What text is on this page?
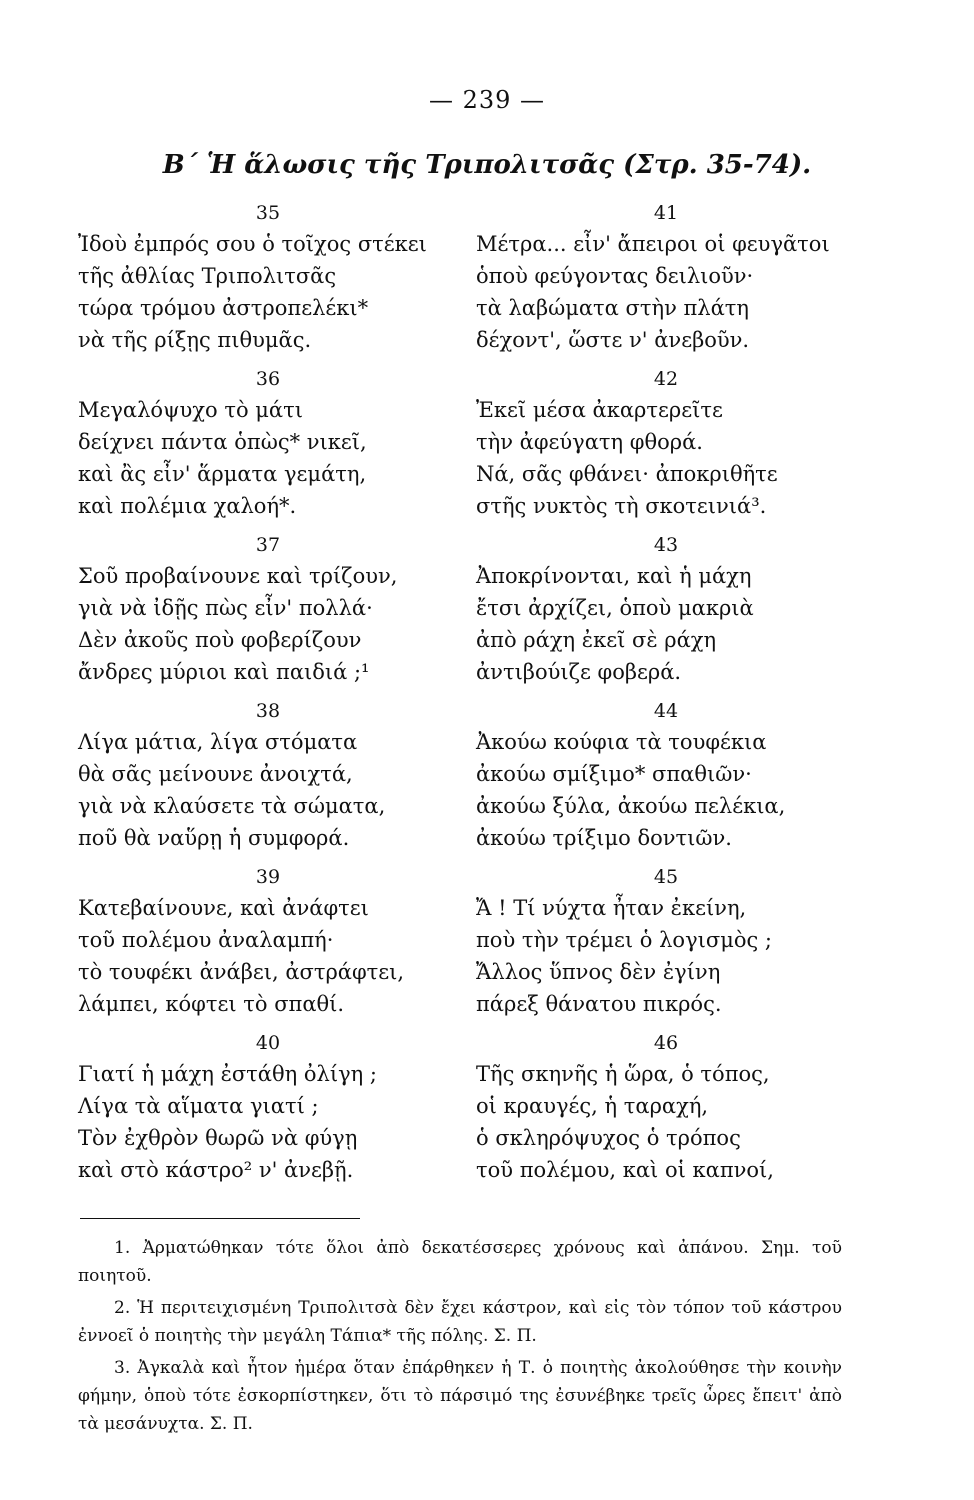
— 239 —
Β΄ Ἡ ἅλωσις τῆς Τριπολιτσᾶς (Στρ. 35-74).
35
Ἰδοὺ ἐμπρός σου ὁ τοῖχος στέκει
τῆς ἀθλίας Τριπολιτσᾶς
τώρα τρόμου ἀστροπελέκι*
νὰ τῆς ρίξῃς πιθυμᾶς.
36
Μεγαλόψυχο τὸ μάτι
δείχνει πάντα ὁπὼς* νικεῖ,
καὶ ἂς εἶν' ἅρματα γεμάτη,
καὶ πολέμια χαλοή*.
37
Σοῦ προβαίνουνε καὶ τρίζουν,
γιὰ νὰ ἰδῇς πὼς εἶν' πολλά·
Δὲν ἀκοῦς ποὺ φοβερίζουν
ἄνδρες μύριοι καὶ παιδιά ;¹
38
Λίγα μάτια, λίγα στόματα
θὰ σᾶς μείνουνε ἀνοιχτά,
γιὰ νὰ κλαύσετε τὰ σώματα,
ποῦ θὰ ναὕρῃ ἡ συμφορά.
39
Κατεβαίνουνε, καὶ ἀνάφτει
τοῦ πολέμου ἀναλαμπή·
τὸ τουφέκι ἀνάβει, ἀστράφτει,
λάμπει, κόφτει τὸ σπαθί.
40
Γιατί ἡ μάχη ἐστάθη ὀλίγη ;
Λίγα τὰ αἵματα γιατί ;
Τὸν ἐχθρὸν θωρῶ νὰ φύγῃ
καὶ στὸ κάστρο² ν' ἀνεβῇ.
41
Μέτρα... εἶν' ἄπειροι οἱ φευγᾶτοι
ὁποὺ φεύγοντας δειλιοῦν·
τὰ λαβώματα στὴν πλάτη
δέχοντ', ὥστε ν' ἀνεβοῦν.
42
Ἐκεῖ μέσα ἀκαρτερεῖτε
τὴν ἀφεύγατη φθορά.
Νά, σᾶς φθάνει· ἀποκριθῆτε
στῆς νυκτὸς τὴ σκοτεινιά³.
43
Ἀποκρίνονται, καὶ ἡ μάχη
ἔτσι ἀρχίζει, ὁποὺ μακριὰ
ἀπὸ ράχη ἐκεῖ σὲ ράχη
ἀντιβούιζε φοβερά.
44
Ἀκούω κούφια τὰ τουφέκια
ἀκούω σμίξιμο* σπαθιῶν·
ἀκούω ξύλα, ἀκούω πελέκια,
ἀκούω τρίξιμο δοντιῶν.
45
Ἄ ! Τί νύχτα ἦταν ἐκείνη,
ποὺ τὴν τρέμει ὁ λογισμὸς ;
Ἄλλος ὕπνος δὲν ἐγίνη
πάρεξ θάνατου πικρός.
46
Τῆς σκηνῆς ἡ ὥρα, ὁ τόπος,
οἱ κραυγές, ἡ ταραχή,
ὁ σκληρόψυχος ὁ τρόπος
τοῦ πολέμου, καὶ οἱ καπνοί,

1. Ἀρματώθηκαν τότε ὅλοι ἀπὸ δεκατέσσερες χρόνους καὶ ἀπάνου. Σημ. τοῦ ποιητοῦ.

2. Ἡ περιτειχισμένη Τριπολιτσὰ δὲν ἔχει κάστρον, καὶ εἰς τὸν τόπον τοῦ κάστρου ἐννοεῖ ὁ ποιητὴς τὴν μεγάλη Τάπια* τῆς πόλης. Σ. Π.

3. Ἀγκαλὰ καὶ ἦτον ἡμέρα ὅταν ἐπάρθηκεν ἡ Τ. ὁ ποιητὴς ἀκολούθησε τὴν κοινὴν φήμην, ὁποὺ τότε ἐσκορπίστηκεν, ὅτι τὸ πάρσιμό της ἐσυνέβηκε τρεῖς ὧρες ἔπειτ' ἀπὸ τὰ μεσάνυχτα. Σ. Π.
